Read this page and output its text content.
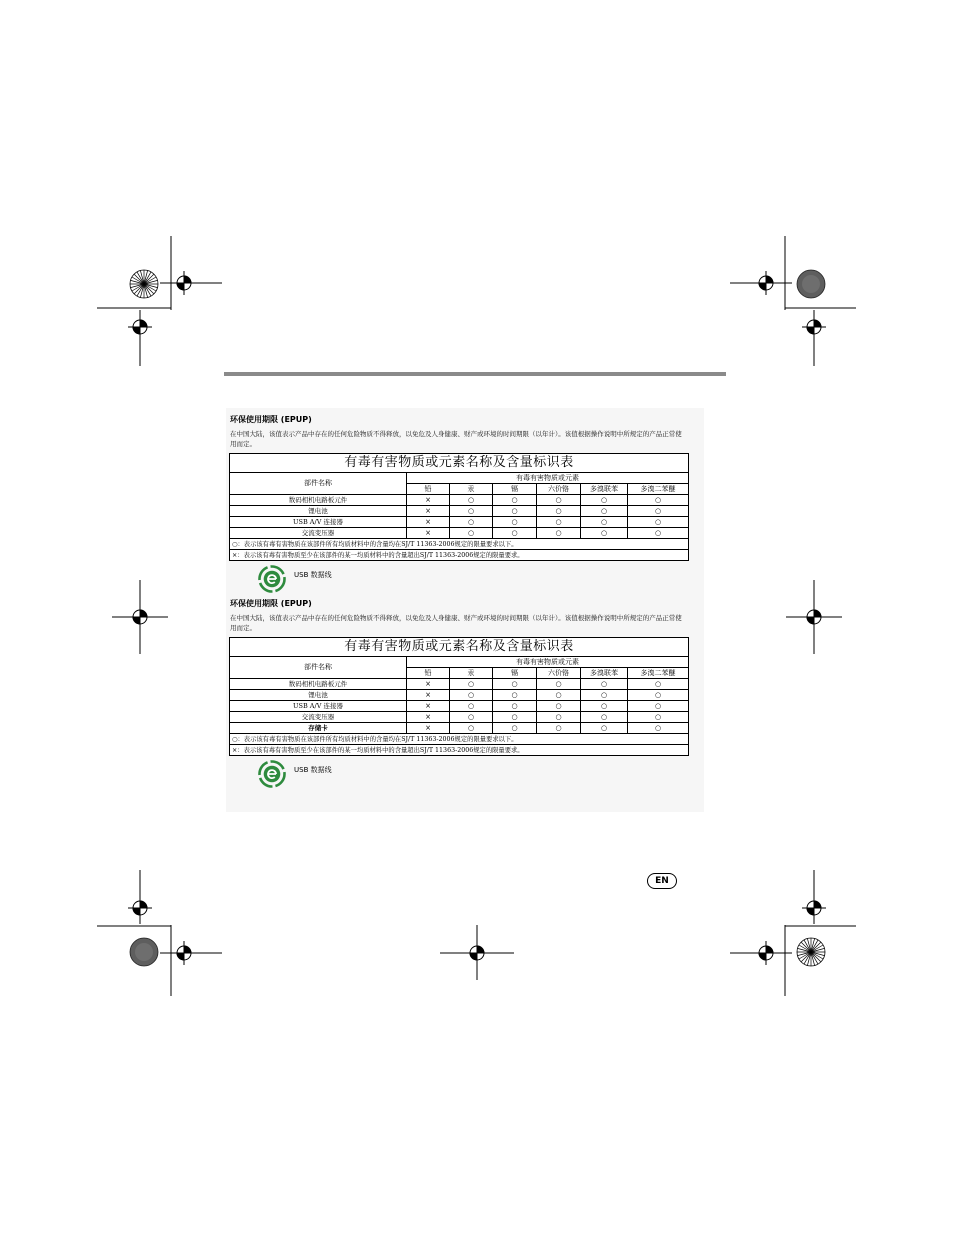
环保使用期限 (EPUP)
在中国大陆，该值表示产品中存在的任何危险物质不得释放，以免危及人身健康、财产或环境的时间期限（以年计）。该值根据操作说明中所规定的产品正常使用而定。
有毒有害物质或元素名称及含量标识表						
部件名称	有毒有害物质或元素					
	铅	汞	镉	六价铬	多溴联苯	多溴二苯醚
数码相机电路板元件	×	○	○	○	○	○
锂电池	×	○	○	○	○	○
USB A/V 连接器	×	○	○	○	○	○
交流变压器	×	○	○	○	○	○
○：表示该有毒有害物质在该部件所有均质材料中的含量均在SJ/T 11363-2006规定的限量要求以下。						
×：表示该有毒有害物质至少在该部件的某一均质材料中的含量超出SJ/T 11363-2006规定的限量要求。						
USB 数据线
环保使用期限 (EPUP)
在中国大陆，该值表示产品中存在的任何危险物质不得释放，以免危及人身健康、财产或环境的时间期限（以年计）。该值根据操作说明中所规定的产品正常使用而定。
有毒有害物质或元素名称及含量标识表						
部件名称	有毒有害物质或元素					
	铅	汞	镉	六价铬	多溴联苯	多溴二苯醚
数码相机电路板元件	×	○	○	○	○	○
锂电池	×	○	○	○	○	○
USB A/V 连接器	×	○	○	○	○	○
交流变压器	×	○	○	○	○	○
存储卡	×	○	○	○	○	○
○：表示该有毒有害物质在该部件所有均质材料中的含量均在SJ/T 11363-2006规定的限量要求以下。						
×：表示该有毒有害物质至少在该部件的某一均质材料中的含量超出SJ/T 11363-2006规定的限量要求。						
USB 数据线
EN
